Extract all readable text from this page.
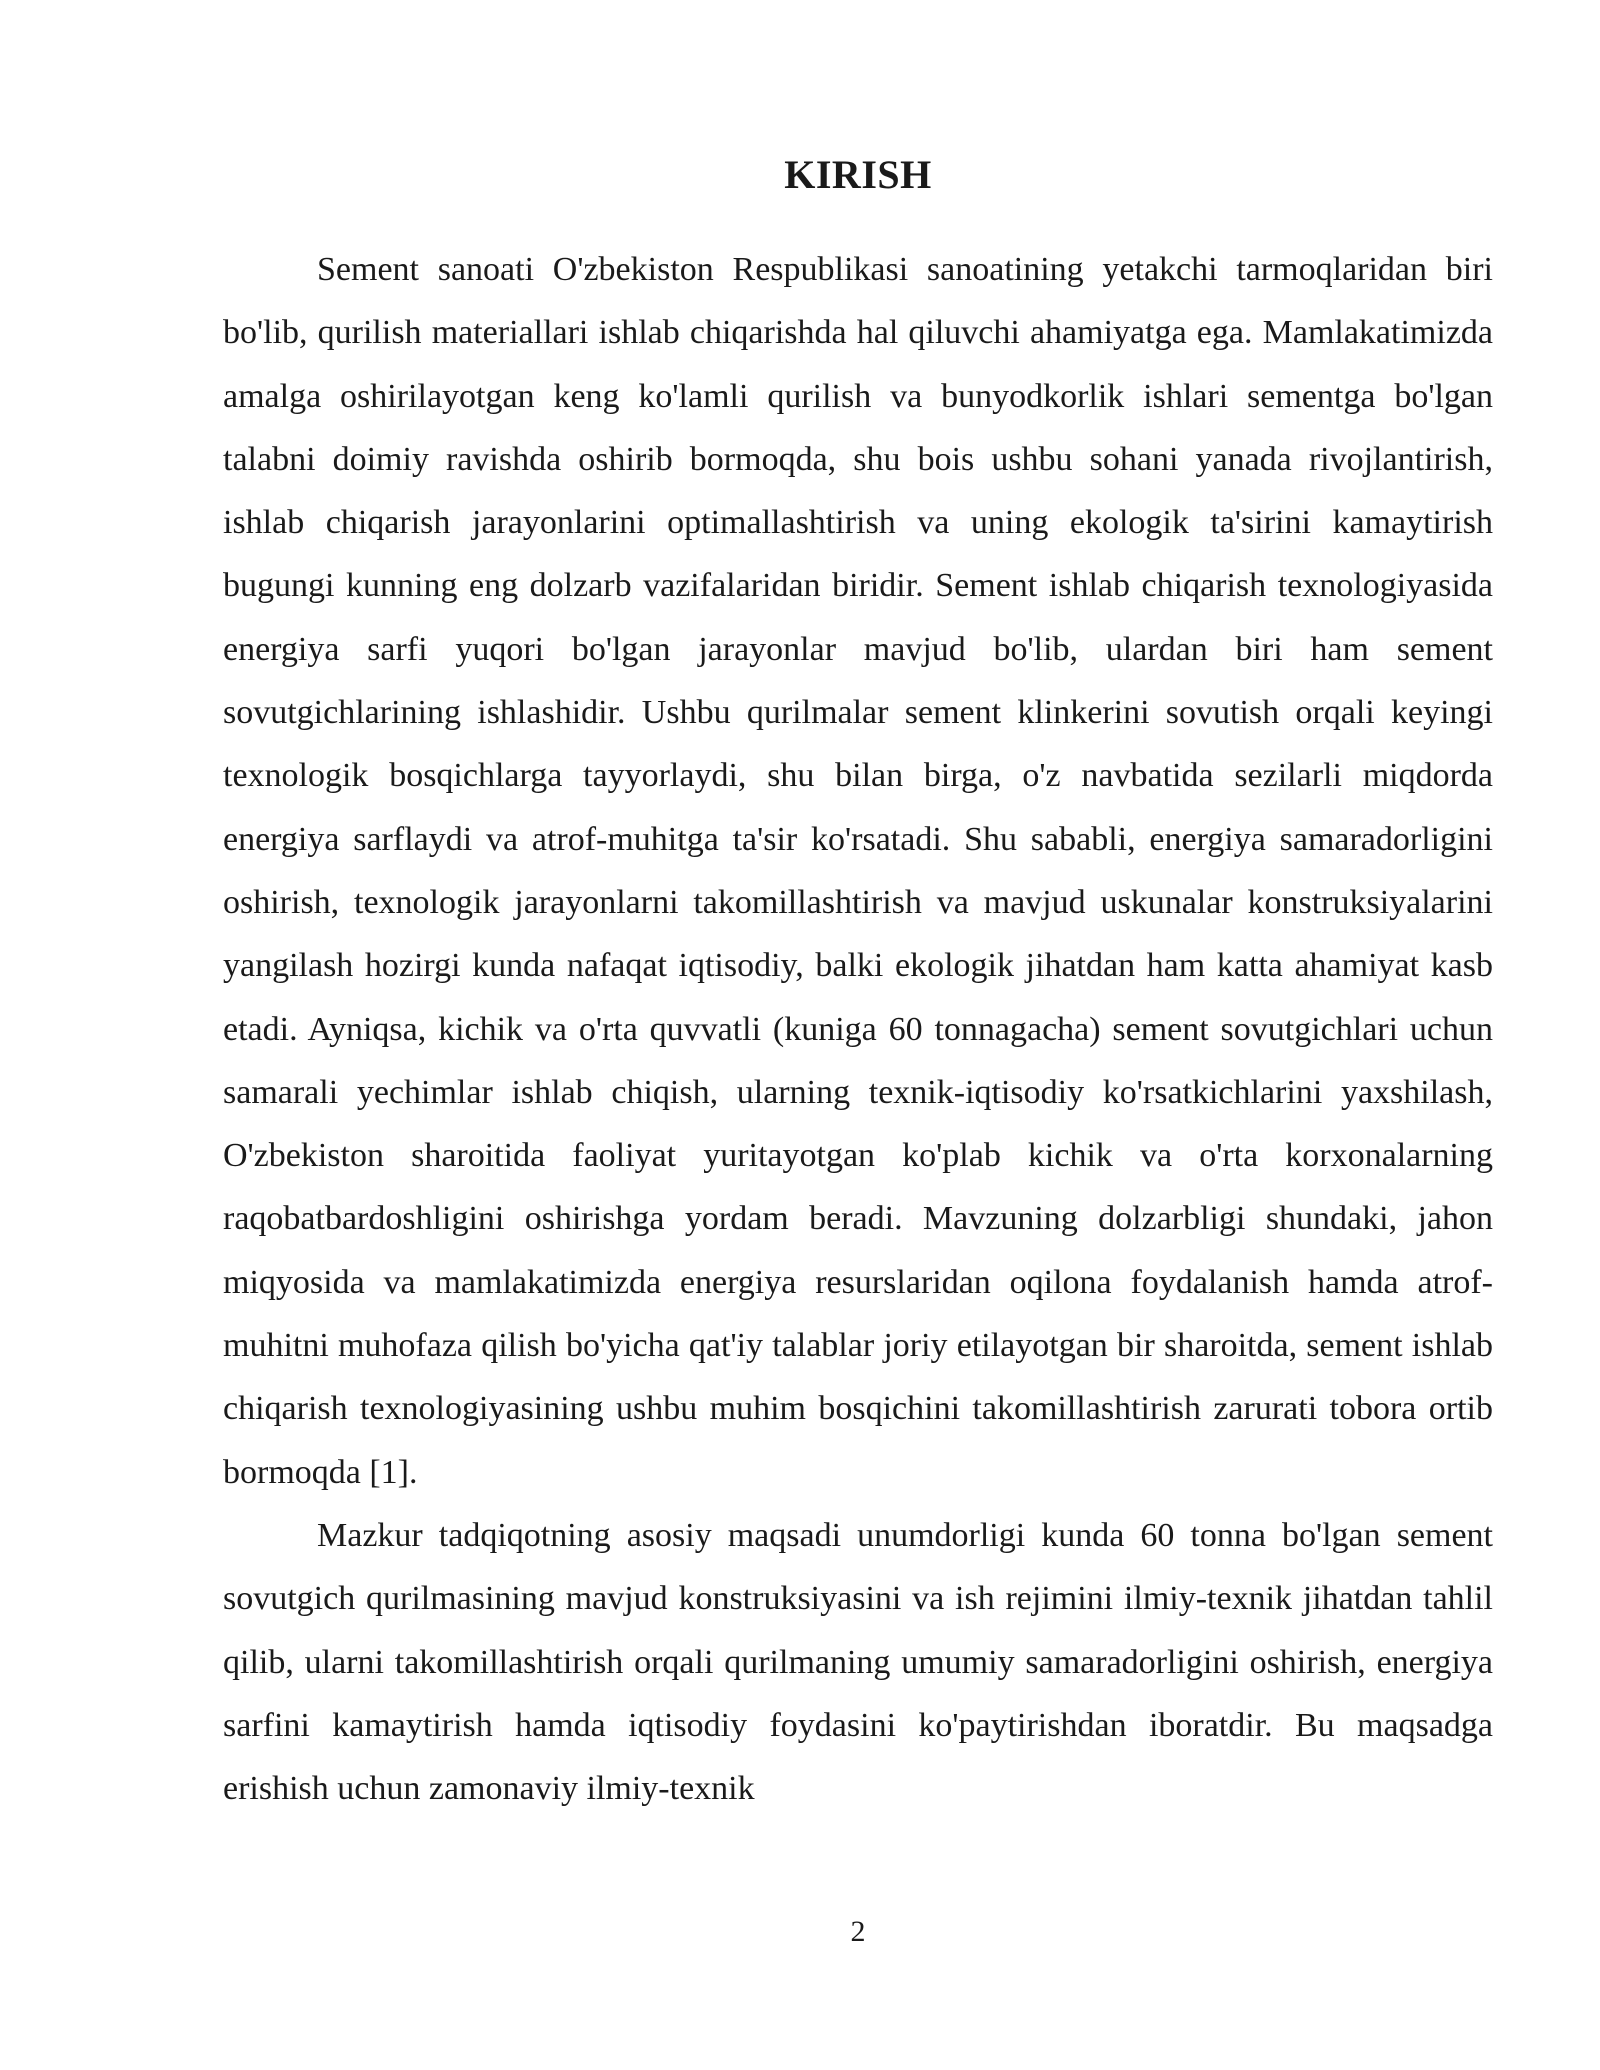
KIRISH

Sement sanoati O'zbekiston Respublikasi sanoatining yetakchi tarmoqlaridan biri bo'lib, qurilish materiallari ishlab chiqarishda hal qiluvchi ahamiyatga ega. Mamlakatimizda amalga oshirilayotgan keng ko'lamli qurilish va bunyodkorlik ishlari sementga bo'lgan talabni doimiy ravishda oshirib bormoqda, shu bois ushbu sohani yanada rivojlantirish, ishlab chiqarish jarayonlarini optimallashtirish va uning ekologik ta'sirini kamaytirish bugungi kunning eng dolzarb vazifalaridan biridir. Sement ishlab chiqarish texnologiyasida energiya sarfi yuqori bo'lgan jarayonlar mavjud bo'lib, ulardan biri ham sement sovutgichlarining ishlashidir. Ushbu qurilmalar sement klinkerini sovutish orqali keyingi texnologik bosqichlarga tayyorlaydi, shu bilan birga, o'z navbatida sezilarli miqdorda energiya sarflaydi va atrof-muhitga ta'sir ko'rsatadi. Shu sababli, energiya samaradorligini oshirish, texnologik jarayonlarni takomillashtirish va mavjud uskunalar konstruksiyalarini yangilash hozirgi kunda nafaqat iqtisodiy, balki ekologik jihatdan ham katta ahamiyat kasb etadi. Ayniqsa, kichik va o'rta quvvatli (kuniga 60 tonnagacha) sement sovutgichlari uchun samarali yechimlar ishlab chiqish, ularning texnik-iqtisodiy ko'rsatkichlarini yaxshilash, O'zbekiston sharoitida faoliyat yuritayotgan ko'plab kichik va o'rta korxonalarning raqobatbardoshligini oshirishga yordam beradi. Mavzuning dolzarbligi shundaki, jahon miqyosida va mamlakatimizda energiya resurslaridan oqilona foydalanish hamda atrof-muhitni muhofaza qilish bo'yicha qat'iy talablar joriy etilayotgan bir sharoitda, sement ishlab chiqarish texnologiyasining ushbu muhim bosqichini takomillashtirish zarurati tobora ortib bormoqda [1].

Mazkur tadqiqotning asosiy maqsadi unumdorligi kunda 60 tonna bo'lgan sement sovutgich qurilmasining mavjud konstruksiyasini va ish rejimini ilmiy-texnik jihatdan tahlil qilib, ularni takomillashtirish orqali qurilmaning umumiy samaradorligini oshirish, energiya sarfini kamaytirish hamda iqtisodiy foydasini ko'paytirishdan iboratdir. Bu maqsadga erishish uchun zamonaviy ilmiy-texnik

2
